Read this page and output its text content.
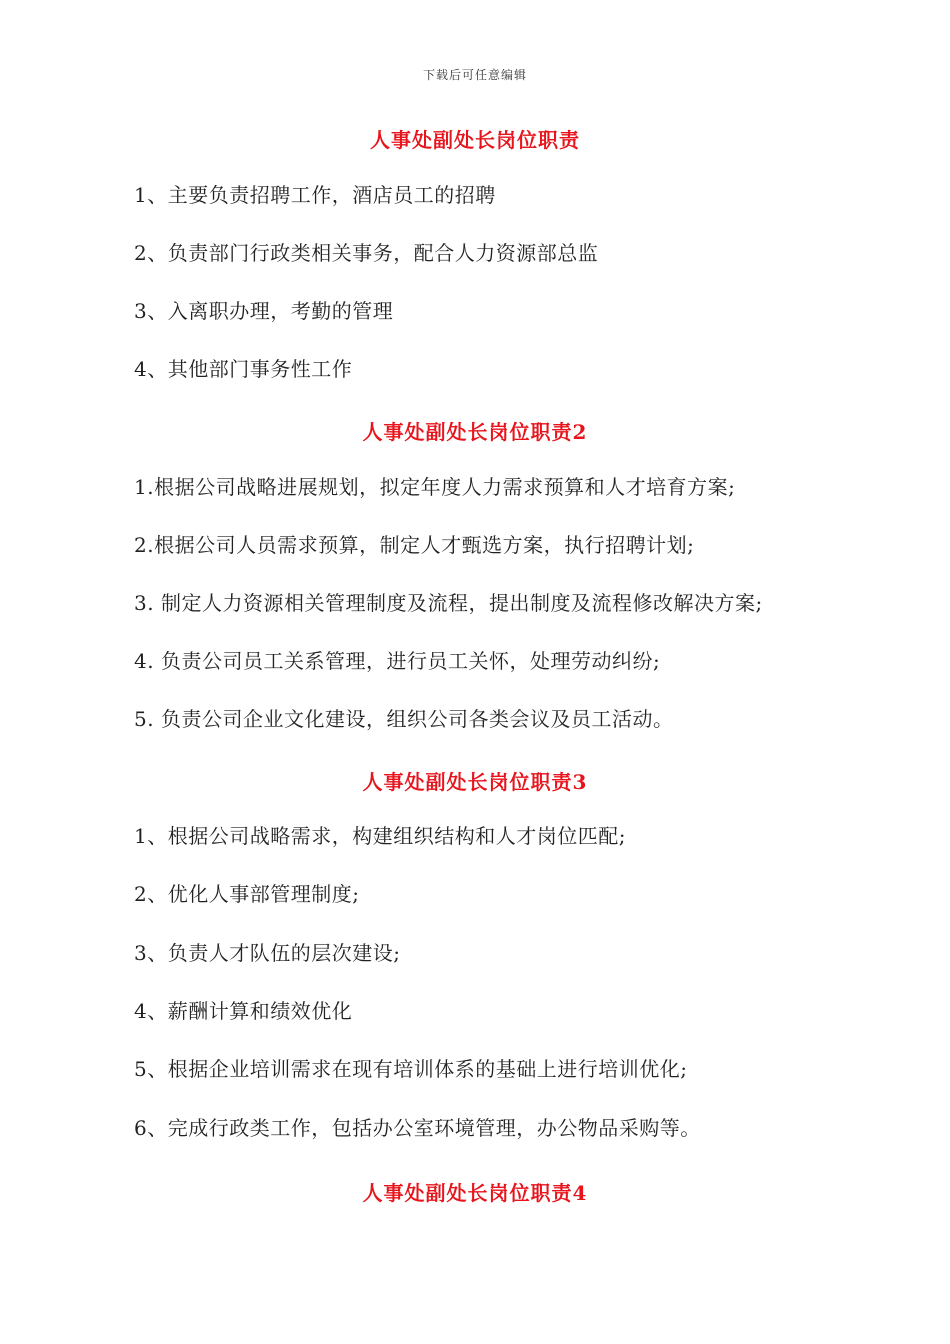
下载后可任意编辑
人事处副处长岗位职责
1、主要负责招聘工作，酒店员工的招聘
2、负责部门行政类相关事务，配合人力资源部总监
3、入离职办理，考勤的管理
4、其他部门事务性工作
人事处副处长岗位职责2
1.根据公司战略进展规划，拟定年度人力需求预算和人才培育方案;
2.根据公司人员需求预算，制定人才甄选方案，执行招聘计划;
3. 制定人力资源相关管理制度及流程，提出制度及流程修改解决方案;
4. 负责公司员工关系管理，进行员工关怀，处理劳动纠纷;
5. 负责公司企业文化建设，组织公司各类会议及员工活动。
人事处副处长岗位职责3
1、根据公司战略需求，构建组织结构和人才岗位匹配;
2、优化人事部管理制度;
3、负责人才队伍的层次建设;
4、薪酬计算和绩效优化
5、根据企业培训需求在现有培训体系的基础上进行培训优化;
6、完成行政类工作，包括办公室环境管理，办公物品采购等。
人事处副处长岗位职责4
